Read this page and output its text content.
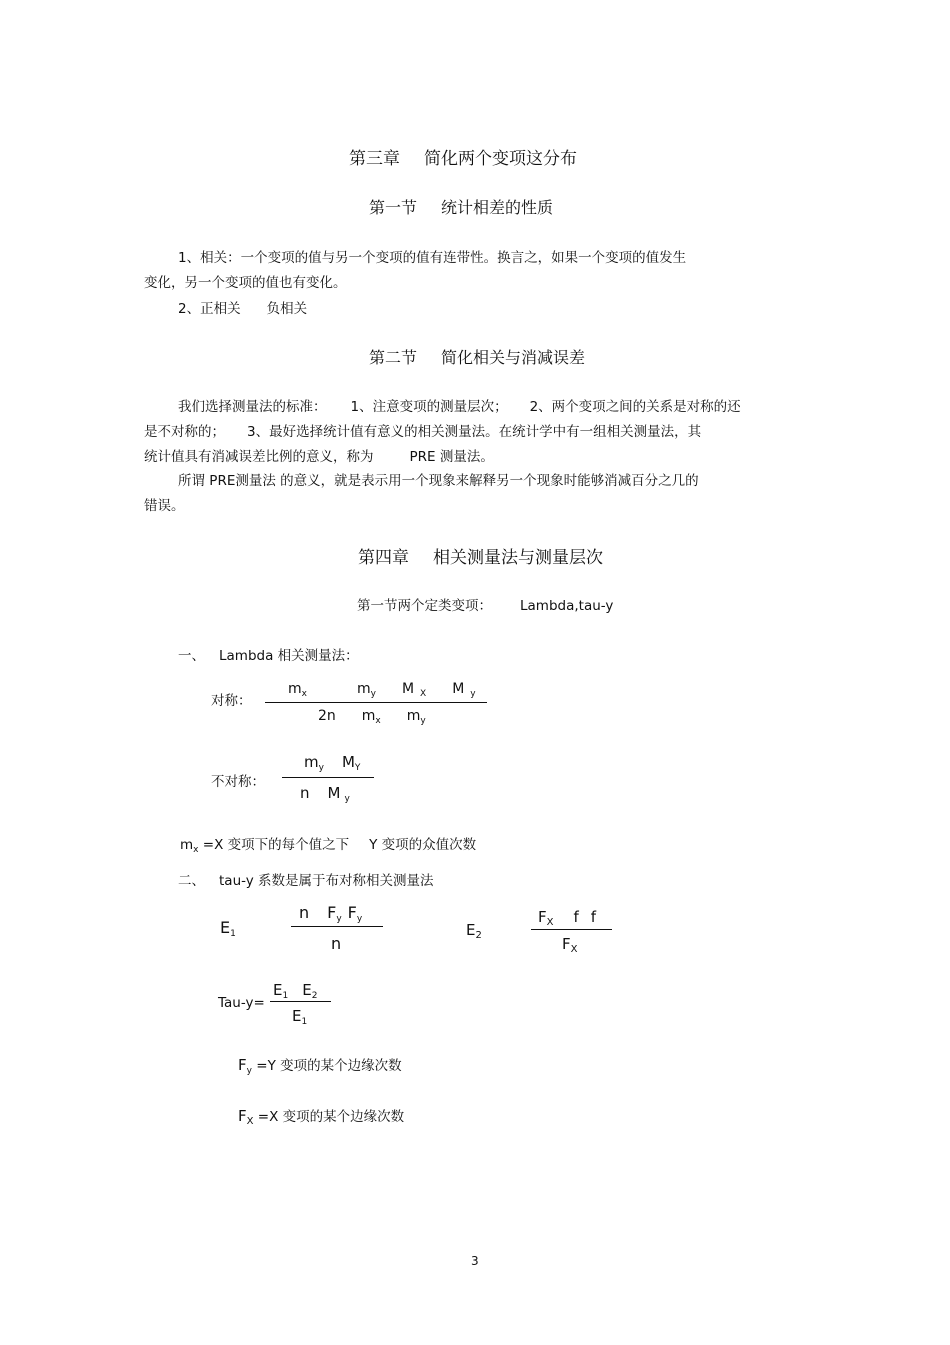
第三章 简化两个变项这分布
第一节 统计相差的性质
1、相关：一个变项的值与另一个变项的值有连带性。换言之，如果一个变项的值发生
变化，另一个变项的值也有变化。
2、正相关 负相关
第二节 简化相关与消减误差
我们选择测量法的标准： 1、注意变项的测量层次； 2、两个变项之间的关系是对称的还
是不对称的； 3、最好选择统计值有意义的相关测量法。在统计学中有一组相关测量法，其
统计值具有消减误差比例的意义，称为	PRE 测量法。
所谓 PRE测量法 的意义，就是表示用一个现象来解释另一个现象时能够消减百分之几的
错误。
第四章 相关测量法与测量层次
第一节两个定类变项： Lambda,tau-y
一、 Lambda 相关测量法：
对称：
$m_x$	$m_y$ M $_X$ M $_y$
2n $m_x$ $m_y$
不对称：
$m_y$ $M_Y$
n M $_y$
$m_x =X$ 变项下的每个值之下 Y 变项的众值次数
二、 tau-y 系数是属于布对称相关测量法
$E_1$
n $F_y$ $F_y$
n
$E_2$
$F_X$ f f
$F_X$
Tau-y=
$E_1$ $E_2$
$E_1$
$F_y =Y$ 变项的某个边缘次数
$F_X =X$ 变项的某个边缘次数
3
